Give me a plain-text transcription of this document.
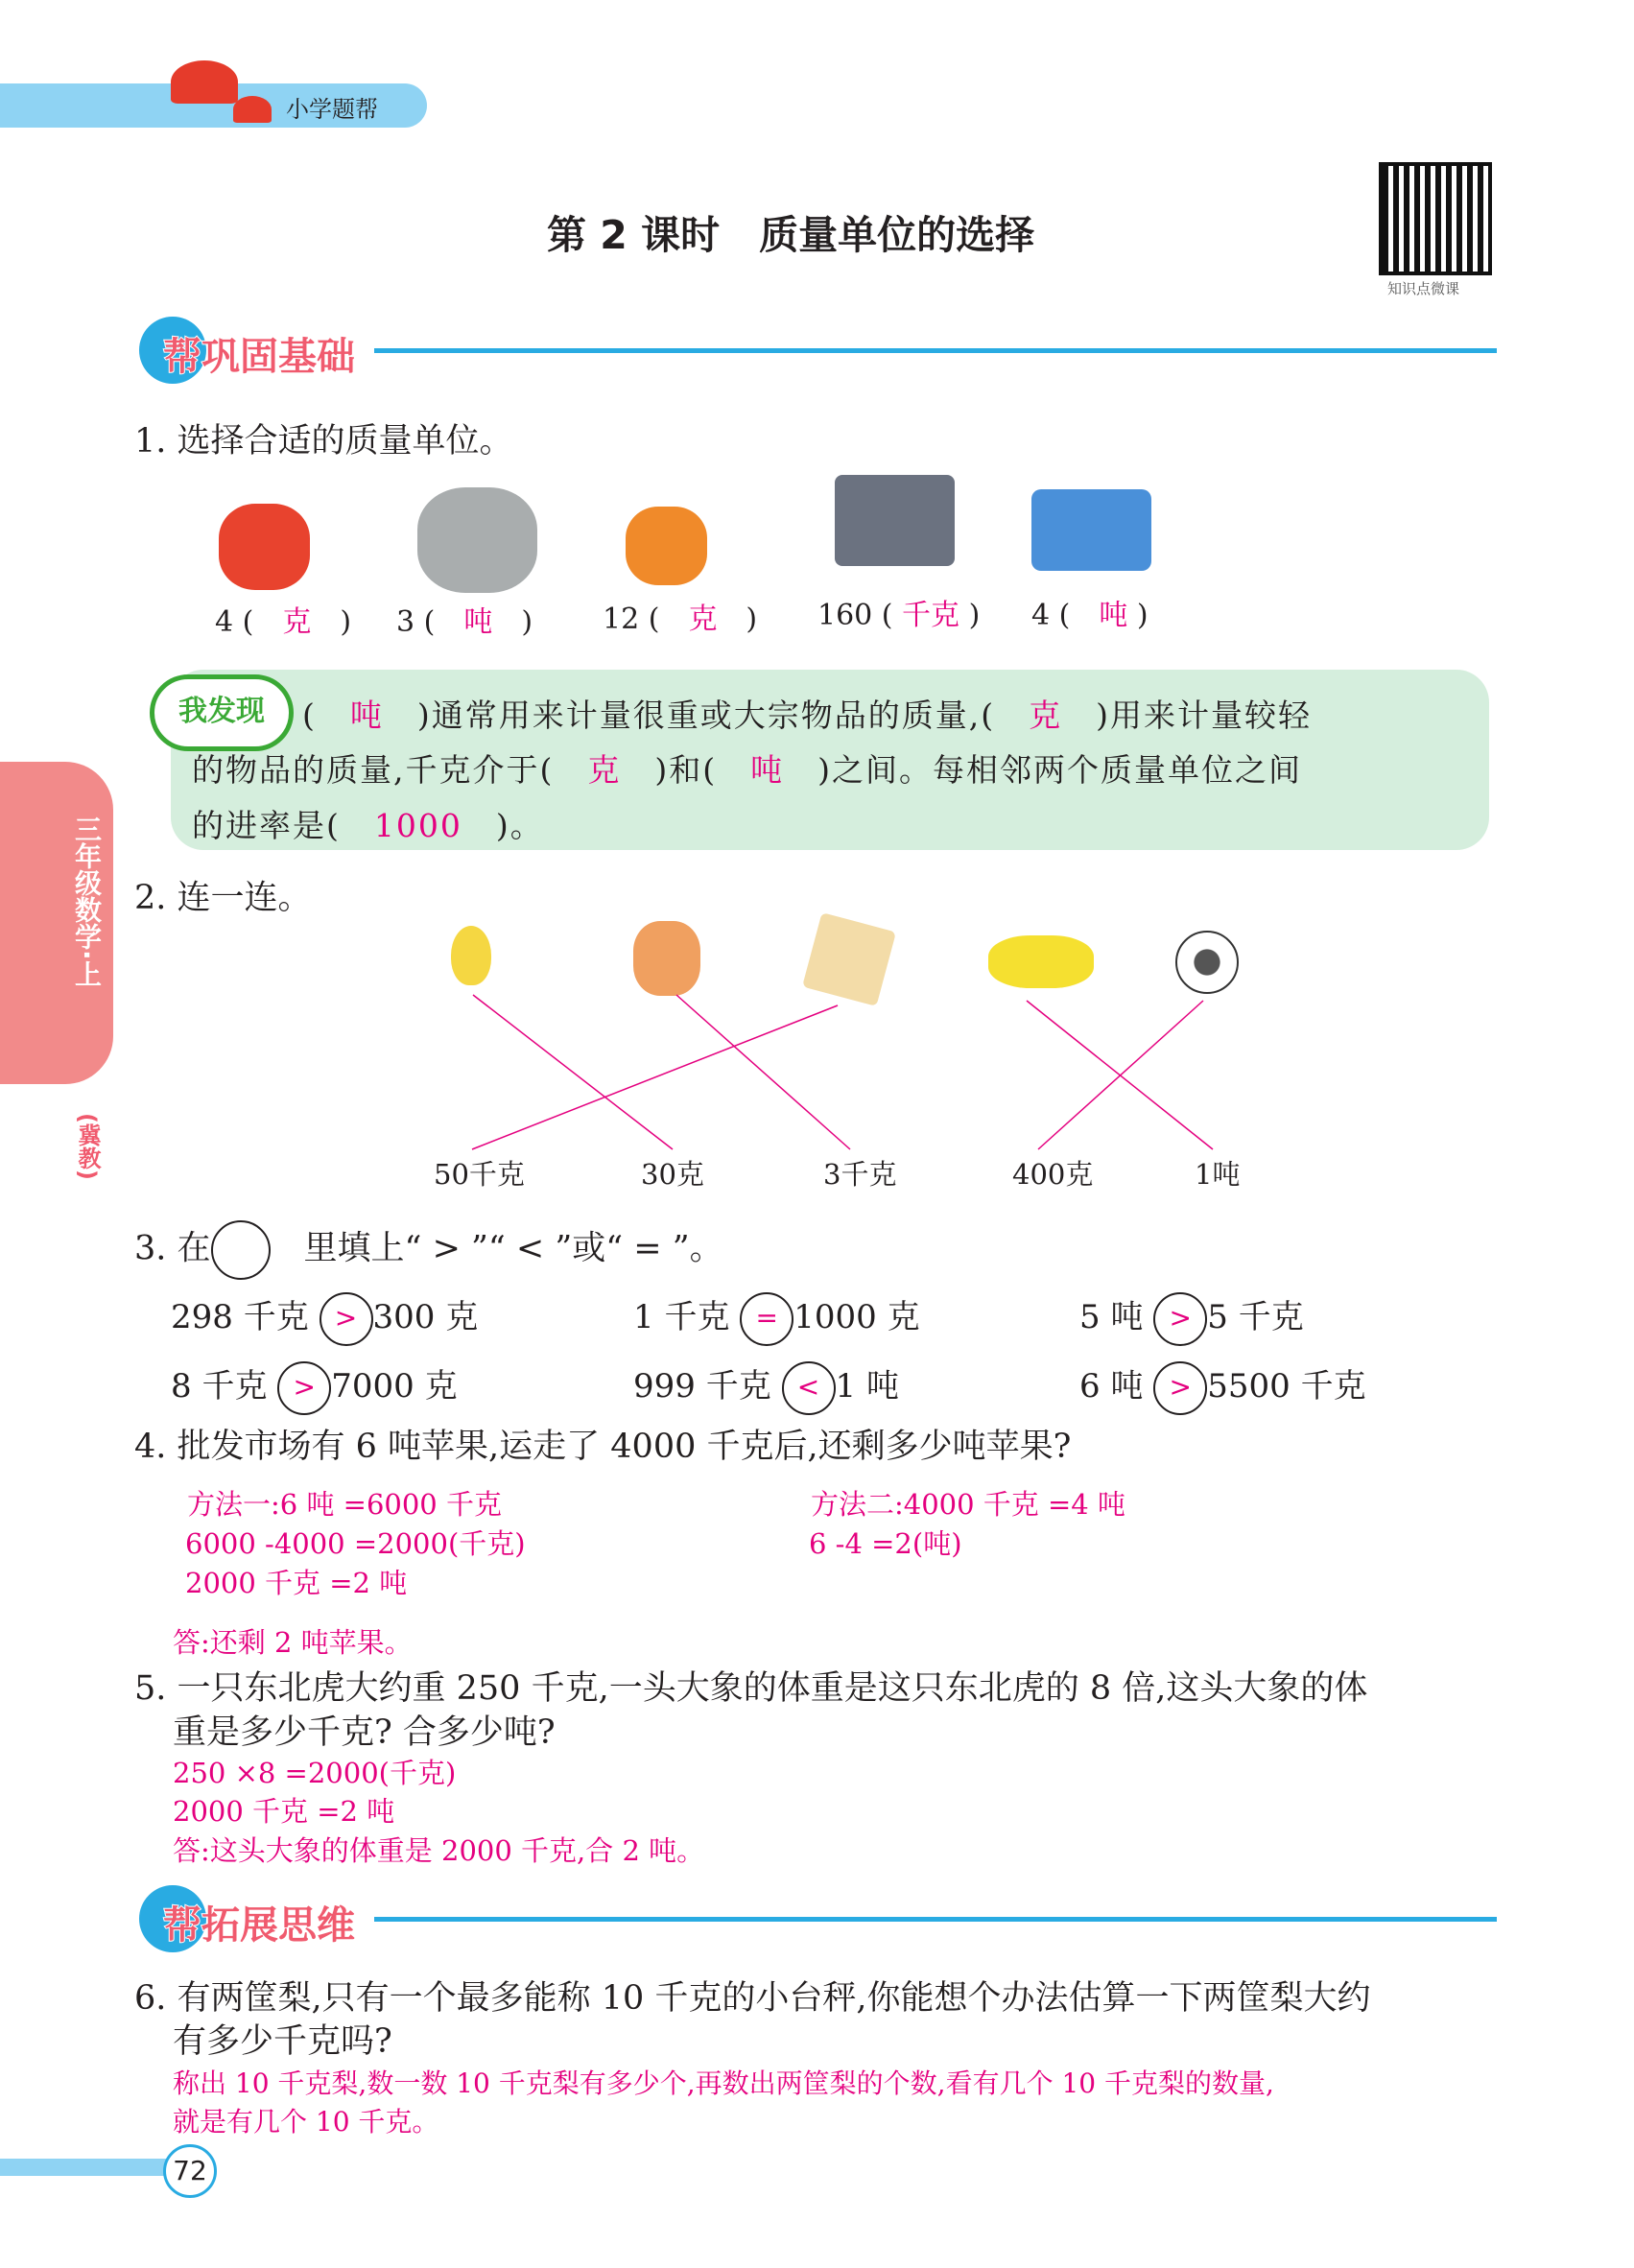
小学题帮
第 2 课时　质量单位的选择
知识点微课
帮巩固基础
三年级数学·上
(冀教)
1. 选择合适的质量单位。
4 (　克　) 3 (　吨　) 12 (　克　) 160 ( 千克 ) 4 (　吨 )
我发现	(　 吨　 )通常用来计量很重或大宗物品的质量,(　 克　 )用来计量较轻
的物品的质量,千克介于(　 克　 )和(　 吨　 )之间。每相邻两个质量单位之间
的进率是(　 1000　 )。
2. 连一连。
50千克	30克	3千克	400克	1吨
3. 在　	里填上“ > ”“ < ”或“ = ”。
298 千克 > 300 克	1 千克 = 1000 克	5 吨 > 5 千克
8 千克 > 7000 克	999 千克 < 1 吨	6 吨 > 5500 千克
4. 批发市场有 6 吨苹果,运走了 4000 千克后,还剩多少吨苹果?
方法一:6 吨 =6000 千克
6000 -4000 =2000(千克)
2000 千克 =2 吨
方法二:4000 千克 =4 吨
6 -4 =2(吨)
答:还剩 2 吨苹果。
5. 一只东北虎大约重 250 千克,一头大象的体重是这只东北虎的 8 倍,这头大象的体
重是多少千克? 合多少吨?
250 ×8 =2000(千克)
2000 千克 =2 吨
答:这头大象的体重是 2000 千克,合 2 吨。
帮拓展思维
6. 有两筐梨,只有一个最多能称 10 千克的小台秤,你能想个办法估算一下两筐梨大约
有多少千克吗?
称出 10 千克梨,数一数 10 千克梨有多少个,再数出两筐梨的个数,看有几个 10 千克梨的数量,
就是有几个 10 千克。
72
